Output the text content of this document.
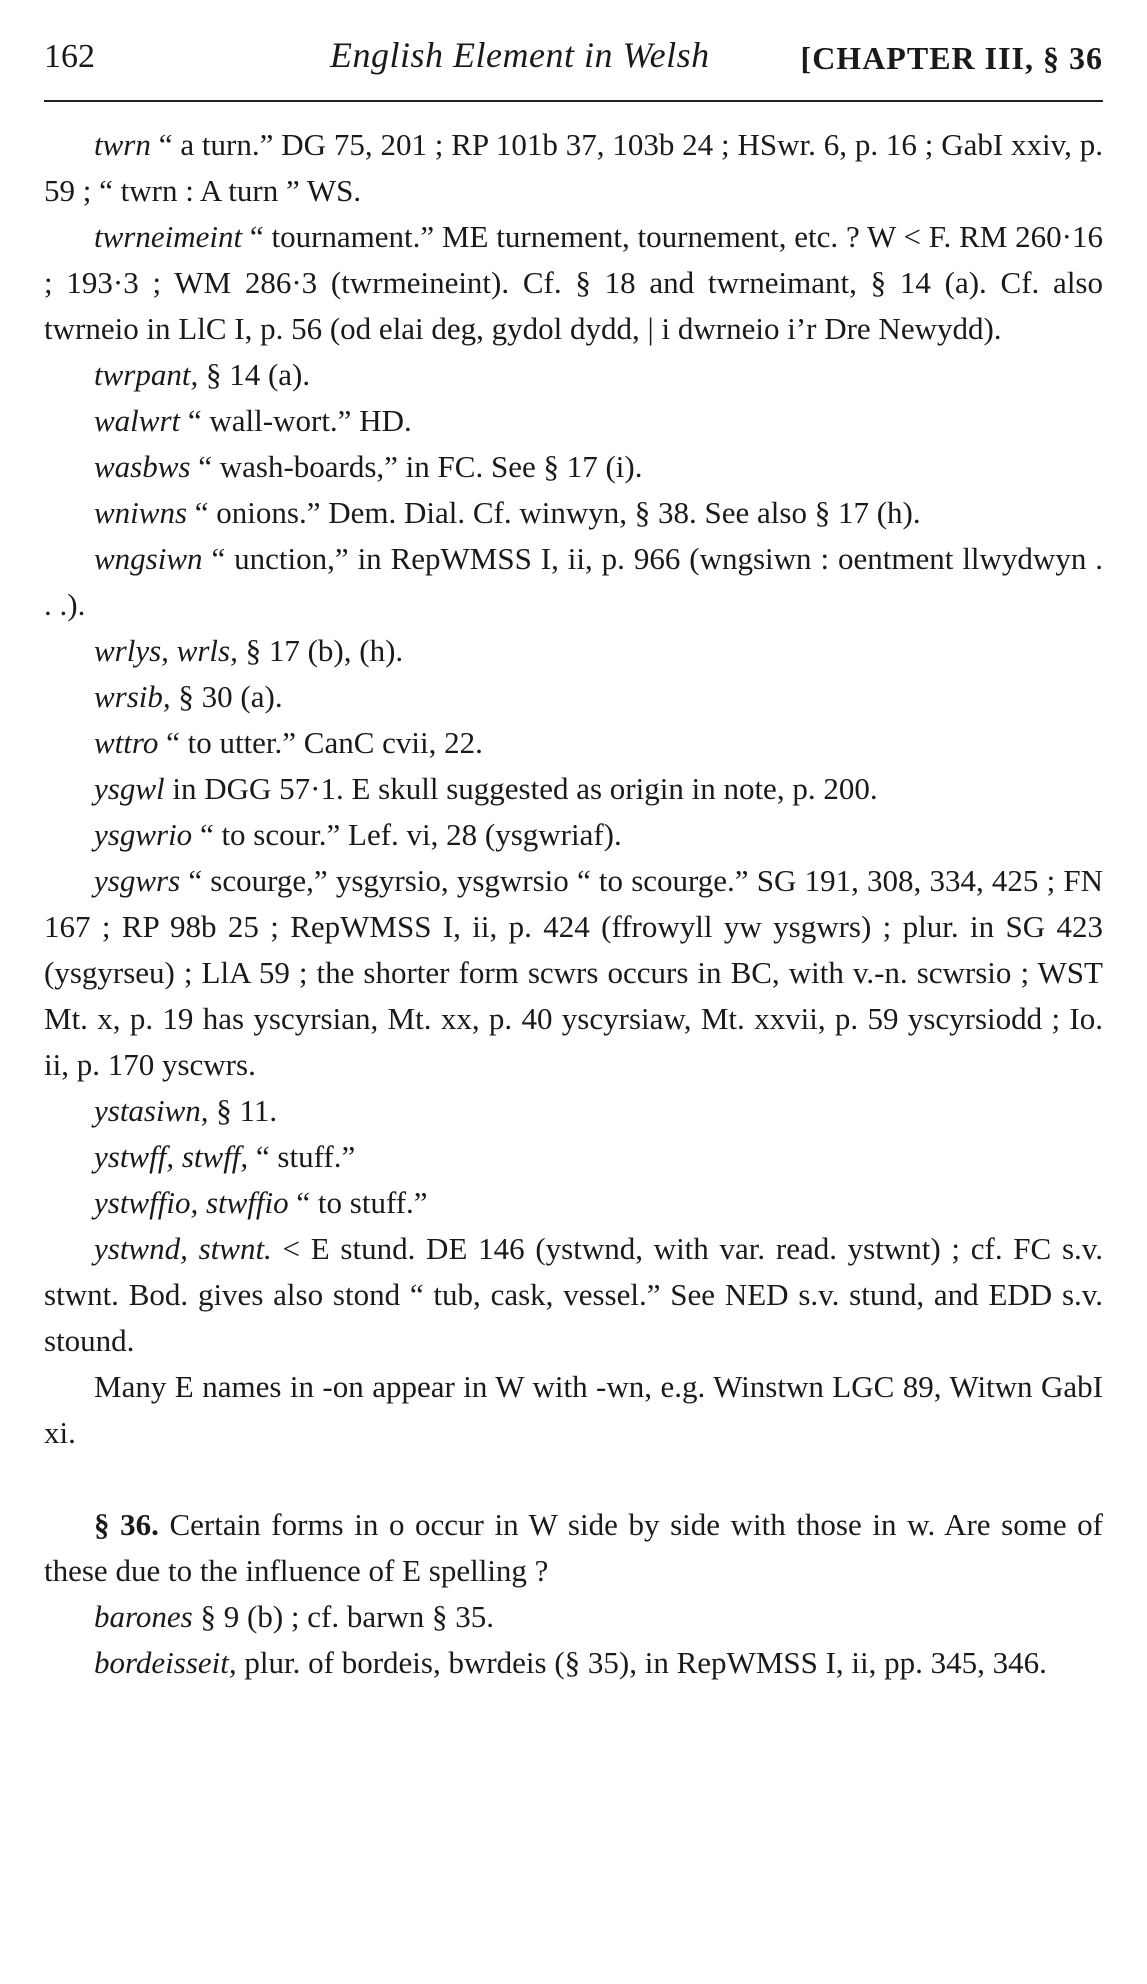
162	English Element in Welsh	[CHAPTER III, § 36

twrn “ a turn.” DG 75, 201 ; RP 101b 37, 103b 24 ; HSwr. 6, p. 16 ; GabI xxiv, p. 59 ; “ twrn : A turn ” WS.

twrneimeint “ tournament.” ME turnement, tournement, etc. ? W < F. RM 260·16 ; 193·3 ; WM 286·3 (twrmeineint). Cf. § 18 and twrneimant, § 14 (a). Cf. also twrneio in LlC I, p. 56 (od elai deg, gydol dydd, | i dwrneio i’r Dre Newydd).

twrpant, § 14 (a).

walwrt “ wall-wort.” HD.

wasbws “ wash-boards,” in FC. See § 17 (i).

wniwns “ onions.” Dem. Dial. Cf. winwyn, § 38. See also § 17 (h).

wngsiwn “ unction,” in RepWMSS I, ii, p. 966 (wngsiwn : oentment llwydwyn . . .).

wrlys, wrls, § 17 (b), (h).

wrsib, § 30 (a).

wttro “ to utter.” CanC cvii, 22.

ysgwl in DGG 57·1. E skull suggested as origin in note, p. 200.

ysgwrio “ to scour.” Lef. vi, 28 (ysgwriaf).

ysgwrs “ scourge,” ysgyrsio, ysgwrsio “ to scourge.” SG 191, 308, 334, 425 ; FN 167 ; RP 98b 25 ; RepWMSS I, ii, p. 424 (ffrowyll yw ysgwrs) ; plur. in SG 423 (ysgyrseu) ; LlA 59 ; the shorter form scwrs occurs in BC, with v.-n. scwrsio ; WST Mt. x, p. 19 has yscyrsian, Mt. xx, p. 40 yscyrsiaw, Mt. xxvii, p. 59 yscyrsiodd ; Io. ii, p. 170 yscwrs.

ystasiwn, § 11.

ystwff, stwff, “ stuff.”

ystwffio, stwffio “ to stuff.”

ystwnd, stwnt. < E stund. DE 146 (ystwnd, with var. read. ystwnt) ; cf. FC s.v. stwnt. Bod. gives also stond “ tub, cask, vessel.” See NED s.v. stund, and EDD s.v. stound.

Many E names in -on appear in W with -wn, e.g. Winstwn LGC 89, Witwn GabI xi.

§ 36. Certain forms in o occur in W side by side with those in w. Are some of these due to the influence of E spelling ?

barones § 9 (b) ; cf. barwn § 35.

bordeisseit, plur. of bordeis, bwrdeis (§ 35), in RepWMSS I, ii, pp. 345, 346.
